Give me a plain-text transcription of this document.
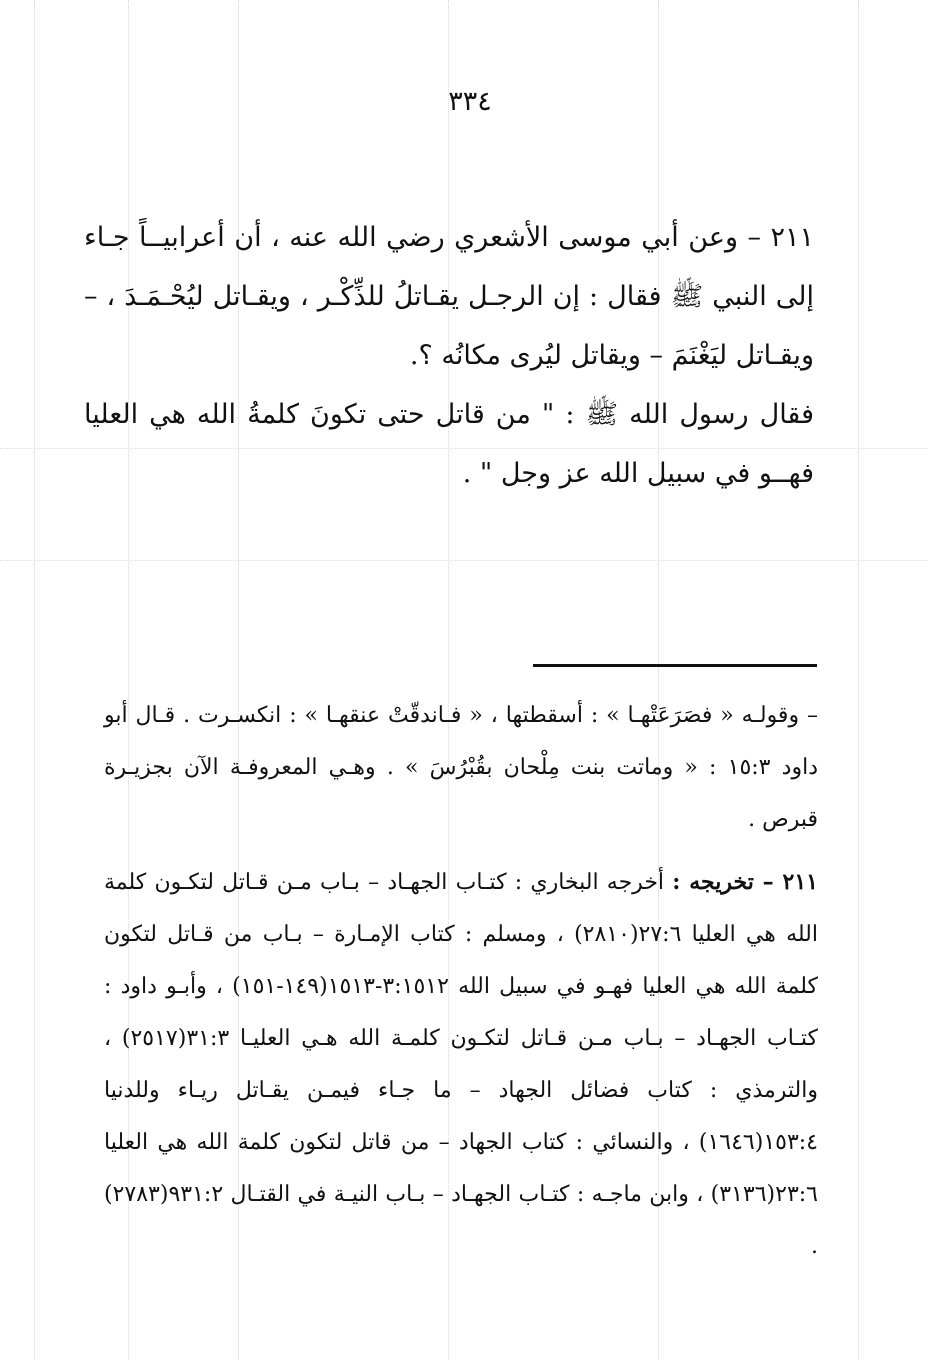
٣٣٤

٢١١ – وعن أبي موسى الأشعري رضي الله عنه ، أن أعرابيــاً جـاء إلى النبي ﷺ فقال : إن الرجـل يقـاتلُ للذِّكْـر ، ويقـاتل ليُحْـمَـدَ ، – ويقـاتل ليَغْنَمَ – ويقاتل ليُرى مكانُه ؟.

فقال رسول الله ﷺ : " من قاتل حتى تكونَ كلمةُ الله هي العليا فهــو في سبيل الله عز وجل " .

– وقولـه « فصَرَعَتْهـا » : أسقطتها ، « فـاندقّتْ عنقهـا » : انكسـرت . قـال أبو داود ١٥:٣ : « وماتت بنت مِلْحان بقُبْرُسَ » . وهـي المعروفـة الآن بجزيـرة قبرص .

٢١١ – تخريجه : أخرجه البخاري : كتـاب الجهـاد – بـاب مـن قـاتل لتكـون كلمة الله هي العليا ٢٧:٦(٢٨١٠) ، ومسلم : كتاب الإمـارة – بـاب من قـاتل لتكون كلمة الله هي العليا فهـو في سبيل الله ٣:١٥١٢-١٥١٣(١٤٩-١٥١) ، وأبـو داود : كتـاب الجهـاد – بـاب مـن قـاتل لتكـون كلمـة الله هـي العليـا ٣١:٣(٢٥١٧) ، والترمذي : كتاب فضائل الجهاد – ما جـاء فيمـن يقـاتل ريـاء وللدنيا ١٥٣:٤(١٦٤٦) ، والنسائي : كتاب الجهاد – من قاتل لتكون كلمة الله هي العليا ٢٣:٦(٣١٣٦) ، وابن ماجـه : كتـاب الجهـاد – بـاب النيـة في القتـال ٩٣١:٢(٢٧٨٣) .
